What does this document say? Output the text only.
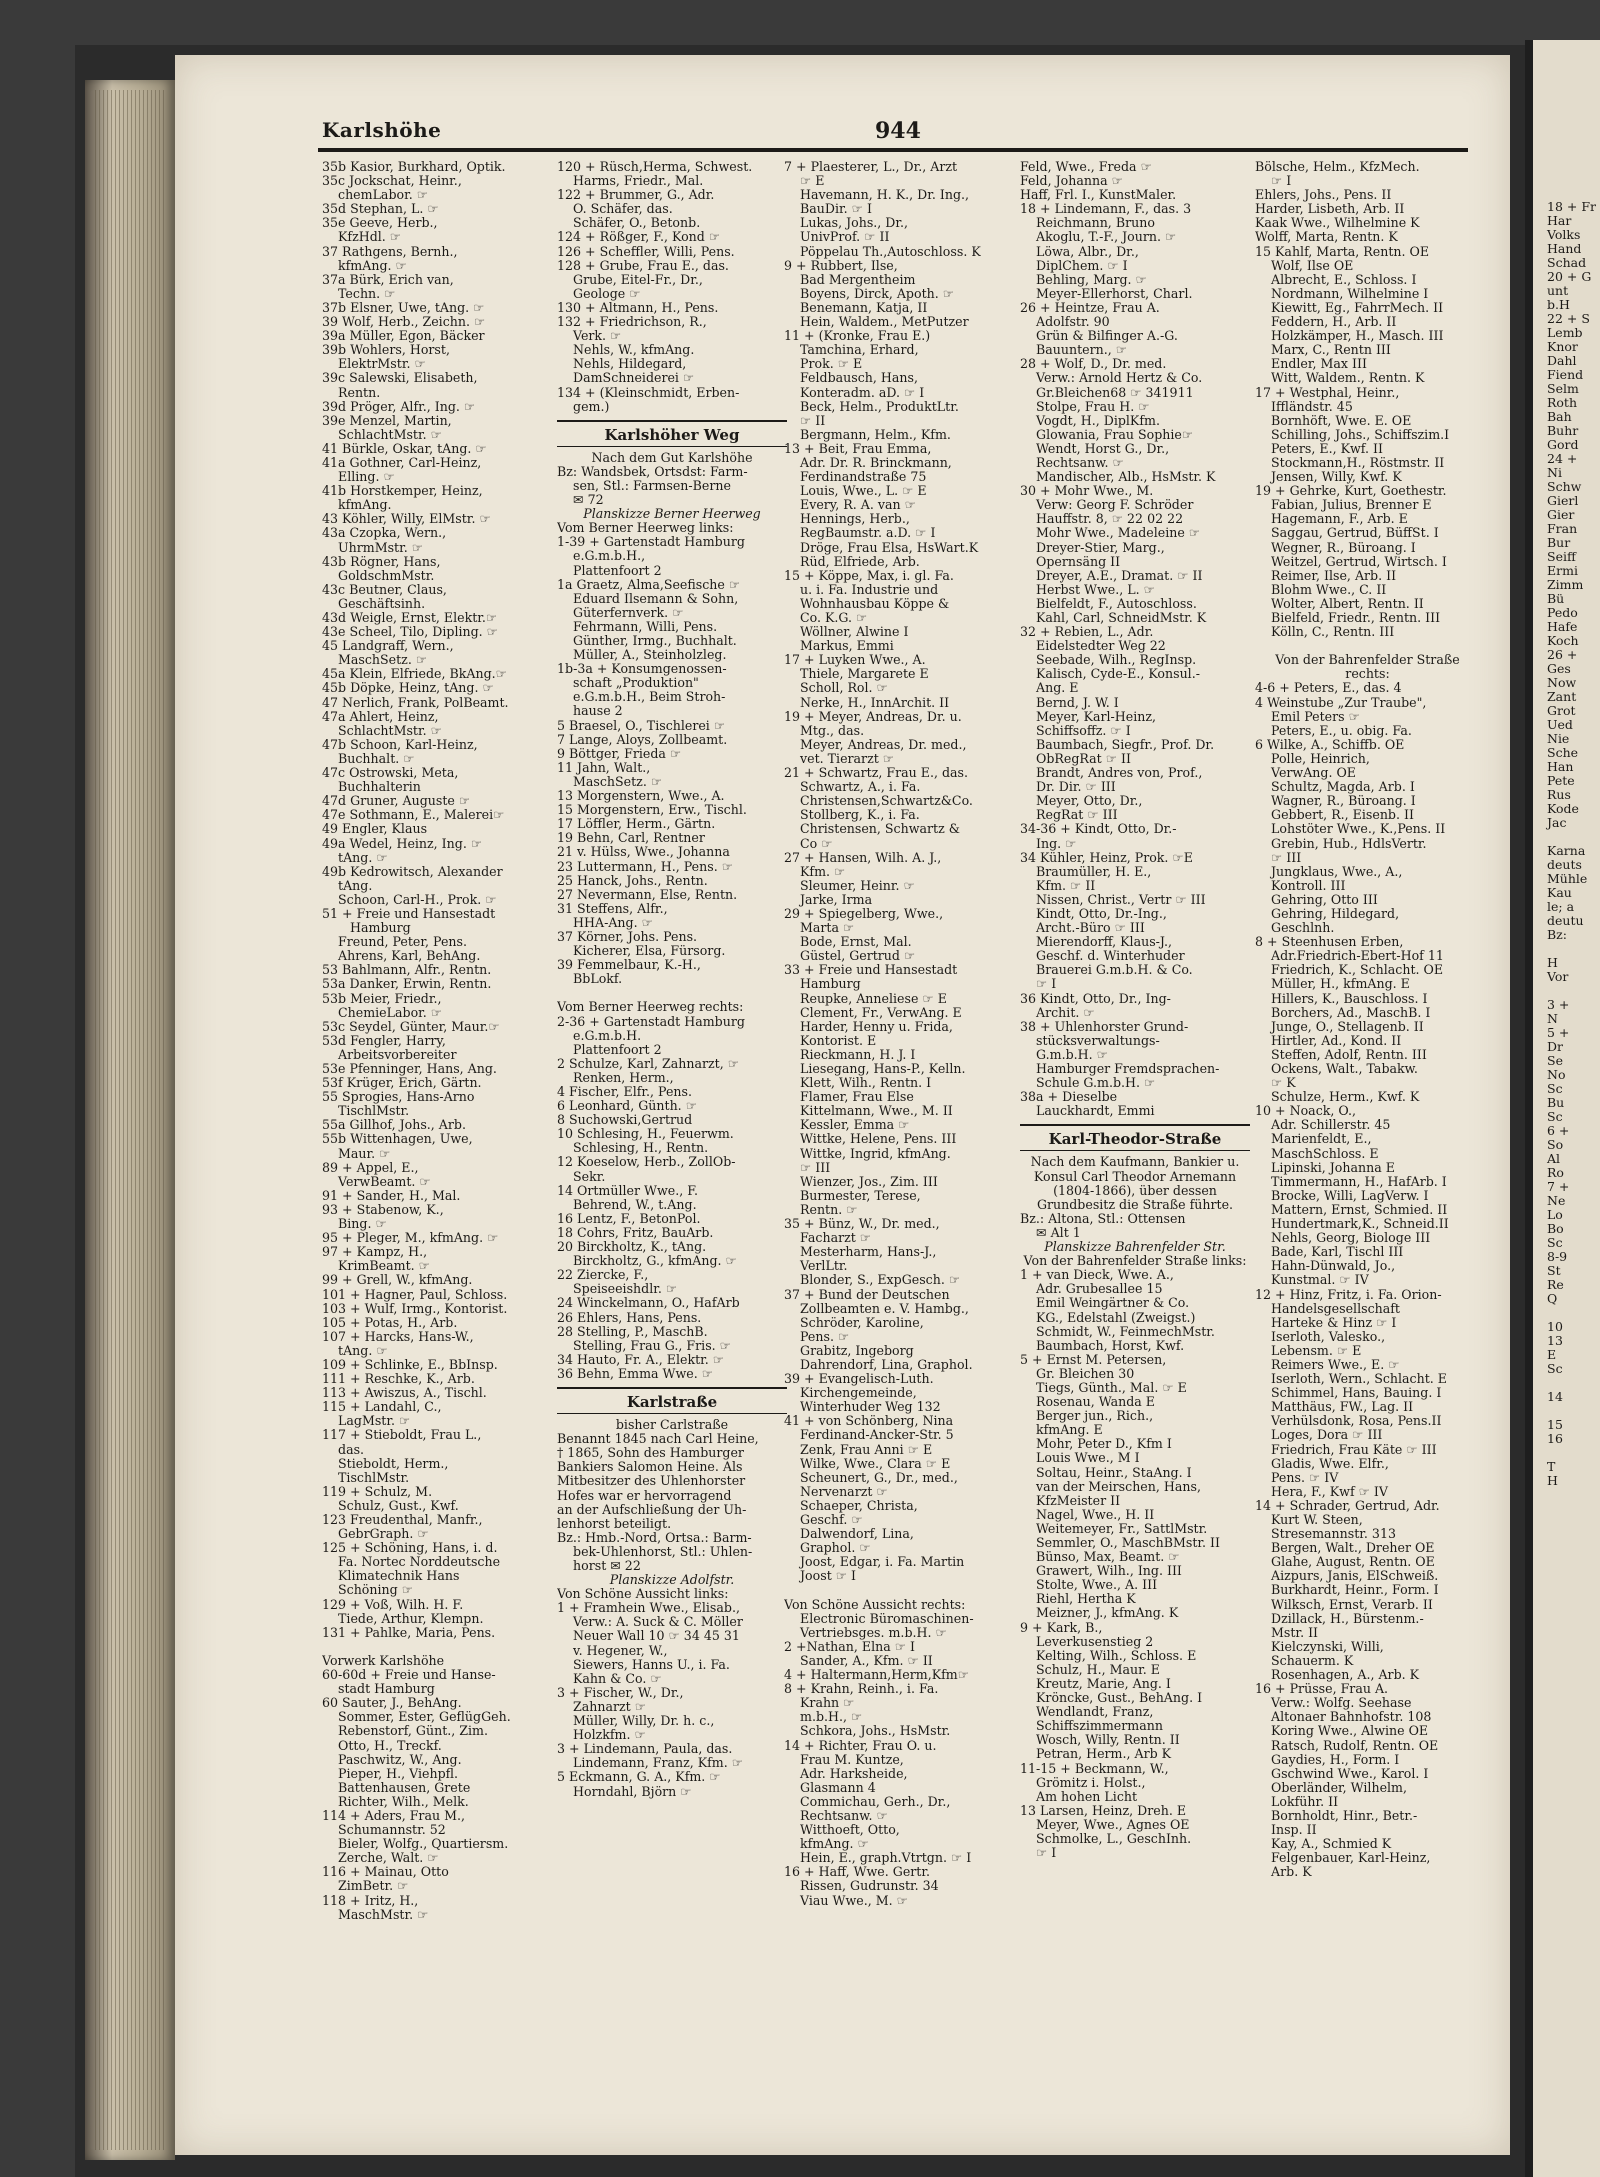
Karlshöhe	944
35b Kasior, Burkhard, Optik.
35c Jockschat, Heinr.,
chemLabor. ☞
35d Stephan, L. ☞
35e Geeve, Herb.,
KfzHdl. ☞
37 Rathgens, Bernh.,
kfmAng. ☞
37a Bürk, Erich van,
Techn. ☞
37b Elsner, Uwe, tAng. ☞
39 Wolf, Herb., Zeichn. ☞
39a Müller, Egon, Bäcker
39b Wohlers, Horst,
ElektrMstr. ☞
39c Salewski, Elisabeth,
Rentn.
39d Pröger, Alfr., Ing. ☞
39e Menzel, Martin,
SchlachtMstr. ☞
41 Bürkle, Oskar, tAng. ☞
41a Gothner, Carl-Heinz,
Elling. ☞
41b Horstkemper, Heinz,
kfmAng.
43 Köhler, Willy, ElMstr. ☞
43a Czopka, Wern.,
UhrmMstr. ☞
43b Rögner, Hans,
GoldschmMstr.
43c Beutner, Claus,
Geschäftsinh.
43d Weigle, Ernst, Elektr.☞
43e Scheel, Tilo, Dipling. ☞
45 Landgraff, Wern.,
MaschSetz. ☞
45a Klein, Elfriede, BkAng.☞
45b Döpke, Heinz, tAng. ☞
47 Nerlich, Frank, PolBeamt.
47a Ahlert, Heinz,
SchlachtMstr. ☞
47b Schoon, Karl-Heinz,
Buchhalt. ☞
47c Ostrowski, Meta,
Buchhalterin
47d Gruner, Auguste ☞
47e Sothmann, E., Malerei☞
49 Engler, Klaus
49a Wedel, Heinz, Ing. ☞
tAng. ☞
49b Kedrowitsch, Alexander
tAng.
Schoon, Carl-H., Prok. ☞
51 + Freie und Hansestadt
Hamburg
Freund, Peter, Pens.
Ahrens, Karl, BehAng.
53 Bahlmann, Alfr., Rentn.
53a Danker, Erwin, Rentn.
53b Meier, Friedr.,
ChemieLabor. ☞
53c Seydel, Günter, Maur.☞
53d Fengler, Harry,
Arbeitsvorbereiter
53e Pfenninger, Hans, Ang.
53f Krüger, Erich, Gärtn.
55 Sprogies, Hans-Arno
TischlMstr.
55a Gillhof, Johs., Arb.
55b Wittenhagen, Uwe,
Maur. ☞
89 + Appel, E.,
VerwBeamt. ☞
91 + Sander, H., Mal.
93 + Stabenow, K.,
Bing. ☞
95 + Pleger, M., kfmAng. ☞
97 + Kampz, H.,
KrimBeamt. ☞
99 + Grell, W., kfmAng.
101 + Hagner, Paul, Schloss.
103 + Wulf, Irmg., Kontorist.
105 + Potas, H., Arb.
107 + Harcks, Hans-W.,
tAng. ☞
109 + Schlinke, E., BbInsp.
111 + Reschke, K., Arb.
113 + Awiszus, A., Tischl.
115 + Landahl, C.,
LagMstr. ☞
117 + Stieboldt, Frau L.,
das.
Stieboldt, Herm.,
TischlMstr.
119 + Schulz, M.
Schulz, Gust., Kwf.
123 Freudenthal, Manfr.,
GebrGraph. ☞
125 + Schöning, Hans, i. d.
Fa. Nortec Norddeutsche
Klimatechnik Hans
Schöning ☞
129 + Voß, Wilh. H. F.
Tiede, Arthur, Klempn.
131 + Pahlke, Maria, Pens.

Vorwerk Karlshöhe
60-60d + Freie und Hanse-
stadt Hamburg
60 Sauter, J., BehAng.
Sommer, Ester, GeflügGeh.
Rebenstorf, Günt., Zim.
Otto, H., Treckf.
Paschwitz, W., Ang.
Pieper, H., Viehpfl.
Battenhausen, Grete
Richter, Wilh., Melk.
114 + Aders, Frau M.,
Schumannstr. 52
Bieler, Wolfg., Quartiersm.
Zerche, Walt. ☞
116 + Mainau, Otto
ZimBetr. ☞
118 + Iritz, H.,
MaschMstr. ☞
120 + Rüsch,Herma, Schwest.
Harms, Friedr., Mal.
122 + Brummer, G., Adr.
O. Schäfer, das.
Schäfer, O., Betonb.
124 + Rößger, F., Kond ☞
126 + Scheffler, Willi, Pens.
128 + Grube, Frau E., das.
Grube, Eitel-Fr., Dr.,
Geologe ☞
130 + Altmann, H., Pens.
132 + Friedrichson, R.,
Verk. ☞
Nehls, W., kfmAng.
Nehls, Hildegard,
DamSchneiderei ☞
134 + (Kleinschmidt, Erben-
gem.)
Karlshöher Weg
Nach dem Gut Karlshöhe
Bz: Wandsbek, Ortsdst: Farm-
sen, Stl.: Farmsen-Berne
✉ 72
Planskizze Berner Heerweg
Vom Berner Heerweg links:
1-39 + Gartenstadt Hamburg
e.G.m.b.H.,
Plattenfoort 2
1a Graetz, Alma,Seefische ☞
Eduard Ilsemann & Sohn,
Güterfernverk. ☞
Fehrmann, Willi, Pens.
Günther, Irmg., Buchhalt.
Müller, A., Steinholzleg.
1b-3a + Konsumgenossen-
schaft „Produktion"
e.G.m.b.H., Beim Stroh-
hause 2
5 Braesel, O., Tischlerei ☞
7 Lange, Aloys, Zollbeamt.
9 Böttger, Frieda ☞
11 Jahn, Walt.,
MaschSetz. ☞
13 Morgenstern, Wwe., A.
15 Morgenstern, Erw., Tischl.
17 Löffler, Herm., Gärtn.
19 Behn, Carl, Rentner
21 v. Hülss, Wwe., Johanna
23 Luttermann, H., Pens. ☞
25 Hanck, Johs., Rentn.
27 Nevermann, Else, Rentn.
31 Steffens, Alfr.,
HHA-Ang. ☞
37 Körner, Johs. Pens.
Kicherer, Elsa, Fürsorg.
39 Femmelbaur, K.-H.,
BbLokf.

Vom Berner Heerweg rechts:
2-36 + Gartenstadt Hamburg
e.G.m.b.H.
Plattenfoort 2
2 Schulze, Karl, Zahnarzt, ☞
Renken, Herm.,
4 Fischer, Elfr., Pens.
6 Leonhard, Günth. ☞
8 Suchowski,Gertrud
10 Schlesing, H., Feuerwm.
Schlesing, H., Rentn.
12 Koeselow, Herb., ZollOb-
Sekr.
14 Ortmüller Wwe., F.
Behrend, W., t.Ang.
16 Lentz, F., BetonPol.
18 Cohrs, Fritz, BauArb.
20 Birckholtz, K., tAng.
Birckholtz, G., kfmAng. ☞
22 Ziercke, F.,
Speiseeishdlr. ☞
24 Winckelmann, O., HafArb
26 Ehlers, Hans, Pens.
28 Stelling, P., MaschB.
Stelling, Frau G., Fris. ☞
34 Hauto, Fr. A., Elektr. ☞
36 Behn, Emma Wwe. ☞
Karlstraße
bisher Carlstraße
Benannt 1845 nach Carl Heine,
† 1865, Sohn des Hamburger
Bankiers Salomon Heine. Als
Mitbesitzer des Uhlenhorster
Hofes war er hervorragend
an der Aufschließung der Uh-
lenhorst beteiligt.
Bz.: Hmb.-Nord, Ortsa.: Barm-
bek-Uhlenhorst, Stl.: Uhlen-
horst ✉ 22
Planskizze Adolfstr.
Von Schöne Aussicht links:
1 + Framhein Wwe., Elisab.,
Verw.: A. Suck & C. Möller
Neuer Wall 10 ☞ 34 45 31
v. Hegener, W.,
Siewers, Hanns U., i. Fa.
Kahn & Co. ☞
3 + Fischer, W., Dr.,
Zahnarzt ☞
Müller, Willy, Dr. h. c.,
Holzkfm. ☞
3 + Lindemann, Paula, das.
Lindemann, Franz, Kfm. ☞
5 Eckmann, G. A., Kfm. ☞
Horndahl, Björn ☞
7 + Plaesterer, L., Dr., Arzt
☞ E
Havemann, H. K., Dr. Ing.,
BauDir. ☞ I
Lukas, Johs., Dr.,
UnivProf. ☞ II
Pöppelau Th.,Autoschloss. K
9 + Rubbert, Ilse,
Bad Mergentheim
Boyens, Dirck, Apoth. ☞
Benemann, Katja, II
Hein, Waldem., MetPutzer
11 + (Kronke, Frau E.)
Tamchina, Erhard,
Prok. ☞ E
Feldbausch, Hans,
Konteradm. aD. ☞ I
Beck, Helm., ProduktLtr.
☞ II
Bergmann, Helm., Kfm.
13 + Beit, Frau Emma,
Adr. Dr. R. Brinckmann,
Ferdinandstraße 75
Louis, Wwe., L. ☞ E
Every, R. A. van ☞
Hennings, Herb.,
RegBaumstr. a.D. ☞ I
Dröge, Frau Elsa, HsWart.K
Rüd, Elfriede, Arb.
15 + Köppe, Max, i. gl. Fa.
u. i. Fa. Industrie und
Wohnhausbau Köppe &
Co. K.G. ☞
Wöllner, Alwine I
Markus, Emmi
17 + Luyken Wwe., A.
Thiele, Margarete E
Scholl, Rol. ☞
Nerke, H., InnArchit. II
19 + Meyer, Andreas, Dr. u.
Mtg., das.
Meyer, Andreas, Dr. med.,
vet. Tierarzt ☞
21 + Schwartz, Frau E., das.
Schwartz, A., i. Fa.
Christensen,Schwartz&Co.
Stollberg, K., i. Fa.
Christensen, Schwartz &
Co ☞
27 + Hansen, Wilh. A. J.,
Kfm. ☞
Sleumer, Heinr. ☞
Jarke, Irma
29 + Spiegelberg, Wwe.,
Marta ☞
Bode, Ernst, Mal.
Güstel, Gertrud ☞
33 + Freie und Hansestadt
Hamburg
Reupke, Anneliese ☞ E
Clement, Fr., VerwAng. E
Harder, Henny u. Frida,
Kontorist. E
Rieckmann, H. J. I
Liesegang, Hans-P., Kelln.
Klett, Wilh., Rentn. I
Flamer, Frau Else
Kittelmann, Wwe., M. II
Kessler, Emma ☞
Wittke, Helene, Pens. III
Wittke, Ingrid, kfmAng.
☞ III
Wienzer, Jos., Zim. III
Burmester, Terese,
Rentn. ☞
35 + Bünz, W., Dr. med.,
Facharzt ☞
Mesterharm, Hans-J.,
VerlLtr.
Blonder, S., ExpGesch. ☞
37 + Bund der Deutschen
Zollbeamten e. V. Hambg.,
Schröder, Karoline,
Pens. ☞
Grabitz, Ingeborg
Dahrendorf, Lina, Graphol.
39 + Evangelisch-Luth.
Kirchengemeinde,
Winterhuder Weg 132
41 + von Schönberg, Nina
Ferdinand-Ancker-Str. 5
Zenk, Frau Anni ☞ E
Wilke, Wwe., Clara ☞ E
Scheunert, G., Dr., med.,
Nervenarzt ☞
Schaeper, Christa,
Geschf. ☞
Dalwendorf, Lina,
Graphol. ☞
Joost, Edgar, i. Fa. Martin
Joost ☞ I

Von Schöne Aussicht rechts:
Electronic Büromaschinen-
Vertriebsges. m.b.H. ☞
2 +Nathan, Elna ☞ I
Sander, A., Kfm. ☞ II
4 + Haltermann,Herm,Kfm☞
8 + Krahn, Reinh., i. Fa.
Krahn ☞
m.b.H., ☞
Schkora, Johs., HsMstr.
14 + Richter, Frau O. u.
Frau M. Kuntze,
Adr. Harksheide,
Glasmann 4
Commichau, Gerh., Dr.,
Rechtsanw. ☞
Witthoeft, Otto,
kfmAng. ☞
Hein, E., graph.Vtrtgn. ☞ I
16 + Haff, Wwe. Gertr.
Rissen, Gudrunstr. 34
Viau Wwe., M. ☞
Feld, Wwe., Freda ☞
Feld, Johanna ☞
Haff, Frl. I., KunstMaler.
18 + Lindemann, F., das. 3
Reichmann, Bruno
Akoglu, T.-F., Journ. ☞
Löwa, Albr., Dr.,
DiplChem. ☞ I
Behling, Marg. ☞
Meyer-Ellerhorst, Charl.
26 + Heintze, Frau A.
Adolfstr. 90
Grün & Bilfinger A.-G.
Bauuntern., ☞
28 + Wolf, D., Dr. med.
Verw.: Arnold Hertz & Co.
Gr.Bleichen68 ☞ 341911
Stolpe, Frau H. ☞
Vogdt, H., DiplKfm.
Glowania, Frau Sophie☞
Wendt, Horst G., Dr.,
Rechtsanw. ☞
Mandischer, Alb., HsMstr. K
30 + Mohr Wwe., M.
Verw: Georg F. Schröder
Hauffstr. 8, ☞ 22 02 22
Mohr Wwe., Madeleine ☞
Dreyer-Stier, Marg.,
Opernsäng II
Dreyer, A.E., Dramat. ☞ II
Herbst Wwe., L. ☞
Bielfeldt, F., Autoschloss.
Kahl, Carl, SchneidMstr. K
32 + Rebien, L., Adr.
Eidelstedter Weg 22
Seebade, Wilh., RegInsp.
Kalisch, Cyde-E., Konsul.-
Ang. E
Bernd, J. W. I
Meyer, Karl-Heinz,
Schiffsoffz. ☞ I
Baumbach, Siegfr., Prof. Dr.
ObRegRat ☞ II
Brandt, Andres von, Prof.,
Dr. Dir. ☞ III
Meyer, Otto, Dr.,
RegRat ☞ III
34-36 + Kindt, Otto, Dr.-
Ing. ☞
34 Kühler, Heinz, Prok. ☞E
Braumüller, H. E.,
Kfm. ☞ II
Nissen, Christ., Vertr ☞ III
Kindt, Otto, Dr.-Ing.,
Archt.-Büro ☞ III
Mierendorff, Klaus-J.,
Geschf. d. Winterhuder
Brauerei G.m.b.H. & Co.
☞ I
36 Kindt, Otto, Dr., Ing-
Archit. ☞
38 + Uhlenhorster Grund-
stücksverwaltungs-
G.m.b.H. ☞
Hamburger Fremdsprachen-
Schule G.m.b.H. ☞
38a + Dieselbe
Lauckhardt, Emmi
Karl-Theodor-Straße
Nach dem Kaufmann, Bankier u. Konsul Carl Theodor Arnemann (1804-1866), über dessen Grundbesitz die Straße führte.
Bz.: Altona, Stl.: Ottensen
✉ Alt 1
Planskizze Bahrenfelder Str.
Von der Bahrenfelder Straße links:
1 + van Dieck, Wwe. A.,
Adr. Grubesallee 15
Emil Weingärtner & Co.
KG., Edelstahl (Zweigst.)
Schmidt, W., FeinmechMstr.
Baumbach, Horst, Kwf.
5 + Ernst M. Petersen,
Gr. Bleichen 30
Tiegs, Günth., Mal. ☞ E
Rosenau, Wanda E
Berger jun., Rich.,
kfmAng. E
Mohr, Peter D., Kfm I
Louis Wwe., M I
Soltau, Heinr., StaAng. I
van der Meirschen, Hans,
KfzMeister II
Nagel, Wwe., H. II
Weitemeyer, Fr., SattlMstr.
Semmler, O., MaschBMstr. II
Bünso, Max, Beamt. ☞
Grawert, Wilh., Ing. III
Stolte, Wwe., A. III
Riehl, Hertha K
Meizner, J., kfmAng. K
9 + Kark, B.,
Leverkusenstieg 2
Kelting, Wilh., Schloss. E
Schulz, H., Maur. E
Kreutz, Marie, Ang. I
Kröncke, Gust., BehAng. I
Wendlandt, Franz,
Schiffszimmermann
Wosch, Willy, Rentn. II
Petran, Herm., Arb K
11-15 + Beckmann, W.,
Grömitz i. Holst.,
Am hohen Licht
13 Larsen, Heinz, Dreh. E
Meyer, Wwe., Agnes OE
Schmolke, L., GeschInh.
☞ I
Bölsche, Helm., KfzMech.
☞ I
Ehlers, Johs., Pens. II
Harder, Lisbeth, Arb. II
Kaak Wwe., Wilhelmine K
Wolff, Marta, Rentn. K
15 Kahlf, Marta, Rentn. OE
Wolf, Ilse OE
Albrecht, E., Schloss. I
Nordmann, Wilhelmine I
Kiewitt, Eg., FahrrMech. II
Feddern, H., Arb. II
Holzkämper, H., Masch. III
Marx, C., Rentn III
Endler, Max III
Witt, Waldem., Rentn. K
17 + Westphal, Heinr.,
Iffländstr. 45
Bornhöft, Wwe. E. OE
Schilling, Johs., Schiffszim.I
Peters, E., Kwf. II
Stockmann,H., Röstmstr. II
Jensen, Willy, Kwf. K
19 + Gehrke, Kurt, Goethestr.
Fabian, Julius, Brenner E
Hagemann, F., Arb. E
Saggau, Gertrud, BüffSt. I
Wegner, R., Büroang. I
Weitzel, Gertrud, Wirtsch. I
Reimer, Ilse, Arb. II
Blohm Wwe., C. II
Wolter, Albert, Rentn. II
Bielfeld, Friedr., Rentn. III
Kölln, C., Rentn. III

Von der Bahrenfelder Straße rechts:
4-6 + Peters, E., das. 4
4 Weinstube „Zur Traube",
Emil Peters ☞
Peters, E., u. obig. Fa.
6 Wilke, A., Schiffb. OE
Polle, Heinrich,
VerwAng. OE
Schultz, Magda, Arb. I
Wagner, R., Büroang. I
Gebbert, R., Eisenb. II
Lohstöter Wwe., K.,Pens. II
Grebin, Hub., HdlsVertr.
☞ III
Jungklaus, Wwe., A.,
Kontroll. III
Gehring, Otto III
Gehring, Hildegard,
Geschlnh.
8 + Steenhusen Erben,
Adr.Friedrich-Ebert-Hof 11
Friedrich, K., Schlacht. OE
Müller, H., kfmAng. E
Hillers, K., Bauschloss. I
Borchers, Ad., MaschB. I
Junge, O., Stellagenb. II
Hirtler, Ad., Kond. II
Steffen, Adolf, Rentn. III
Ockens, Walt., Tabakw.
☞ K
Schulze, Herm., Kwf. K
10 + Noack, O.,
Adr. Schillerstr. 45
Marienfeldt, E.,
MaschSchloss. E
Lipinski, Johanna E
Timmermann, H., HafArb. I
Brocke, Willi, LagVerw. I
Mattern, Ernst, Schmied. II
Hundertmark,K., Schneid.II
Nehls, Georg, Biologe III
Bade, Karl, Tischl III
Hahn-Dünwald, Jo.,
Kunstmal. ☞ IV
12 + Hinz, Fritz, i. Fa. Orion-
Handelsgesellschaft
Harteke & Hinz ☞ I
Iserloth, Valesko.,
Lebensm. ☞ E
Reimers Wwe., E. ☞
Iserloth, Wern., Schlacht. E
Schimmel, Hans, Bauing. I
Matthäus, FW., Lag. II
Verhülsdonk, Rosa, Pens.II
Loges, Dora ☞ III
Friedrich, Frau Käte ☞ III
Gladis, Wwe. Elfr.,
Pens. ☞ IV
Hera, F., Kwf ☞ IV
14 + Schrader, Gertrud, Adr.
Kurt W. Steen,
Stresemannstr. 313
Bergen, Walt., Dreher OE
Glahe, August, Rentn. OE
Aizpurs, Janis, ElSchweiß.
Burkhardt, Heinr., Form. I
Wilksch, Ernst, Verarb. II
Dzillack, H., Bürstenm.-
Mstr. II
Kielczynski, Willi,
Schauerm. K
Rosenhagen, A., Arb. K
16 + Prüsse, Frau A.
Verw.: Wolfg. Seehase
Altonaer Bahnhofstr. 108
Koring Wwe., Alwine OE
Ratsch, Rudolf, Rentn. OE
Gaydies, H., Form. I
Gschwind Wwe., Karol. I
Oberländer, Wilhelm,
Lokführ. II
Bornholdt, Hinr., Betr.-
Insp. II
Kay, A., Schmied K
Felgenbauer, Karl-Heinz,
Arb. K
18 + Fr
Har
Volks
Hand
Schad
20 + G
unt
b.H
22 + S
Lemb
Knor
Dahl
Fiend
Selm
Roth
Bah
Buhr
Gord
24 +
Ni
Schw
Gierl
Gier
Fran
Bur
Seiff
Ermi
Zimm
Bü
Pedo
Hafe
Koch
26 +
Ges
Now
Zant
Grot
Ued
Nie
Sche
Han
Pete
Rus
Kode
Jac

Karna
deuts
Mühle
Kau
le; a
deutu
Bz:

H
Vor

3 +
N
5 +
Dr
Se
No
Sc
Bu
Sc
6 +
So
Al
Ro
7 +
Ne
Lo
Bo
Sc
8-9
St
Re
Q

10
13
E
Sc

14

15
16

T
H
